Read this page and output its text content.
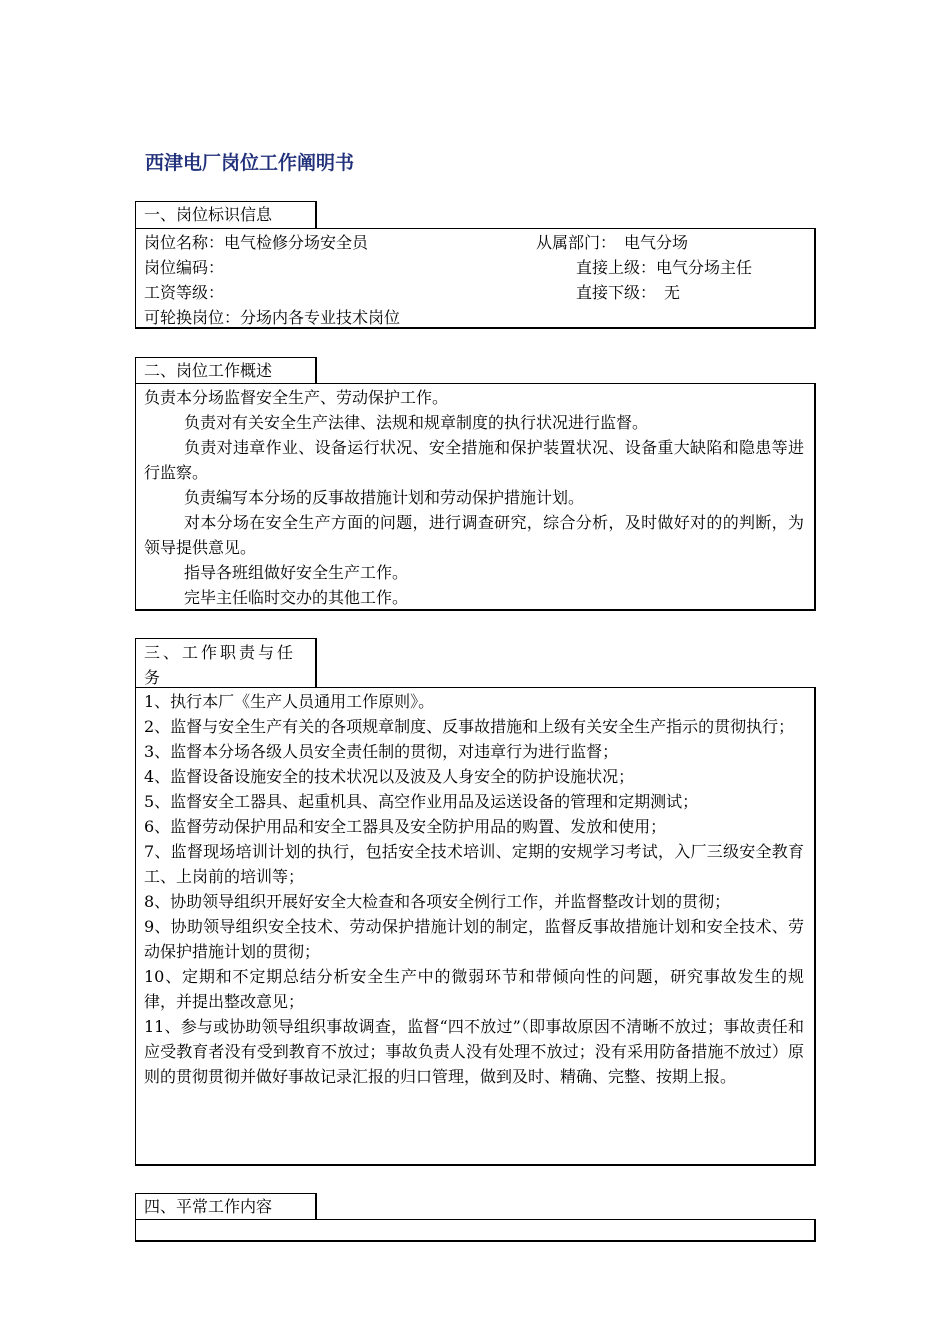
西津电厂岗位工作阐明书
一、岗位标识信息
岗位名称：电气检修分场安全员	从属部门：　电气分场
岗位编码：	直接上级：电气分场主任
工资等级：	直接下级：　无
可轮换岗位：分场内各专业技术岗位
二、岗位工作概述

负责本分场监督安全生产、劳动保护工作。

负责对有关安全生产法律、法规和规章制度的执行状况进行监督。

负责对违章作业、设备运行状况、安全措施和保护装置状况、设备重大缺陷和隐患等进行监察。

负责编写本分场的反事故措施计划和劳动保护措施计划。

对本分场在安全生产方面的问题，进行调查研究，综合分析，及时做好对的的判断，为领导提供意见。

指导各班组做好安全生产工作。

完毕主任临时交办的其他工作。

三、工作职责与任务

1、执行本厂《生产人员通用工作原则》。

2、监督与安全生产有关的各项规章制度、反事故措施和上级有关安全生产指示的贯彻执行；

3、监督本分场各级人员安全责任制的贯彻，对违章行为进行监督；

4、监督设备设施安全的技术状况以及波及人身安全的防护设施状况；

5、监督安全工器具、起重机具、高空作业用品及运送设备的管理和定期测试；

6、监督劳动保护用品和安全工器具及安全防护用品的购置、发放和使用；

7、监督现场培训计划的执行，包括安全技术培训、定期的安规学习考试，入厂三级安全教育工、上岗前的培训等；

8、协助领导组织开展好安全大检查和各项安全例行工作，并监督整改计划的贯彻；

9、协助领导组织安全技术、劳动保护措施计划的制定，监督反事故措施计划和安全技术、劳动保护措施计划的贯彻；

10、定期和不定期总结分析安全生产中的微弱环节和带倾向性的问题，研究事故发生的规律，并提出整改意见；

11、参与或协助领导组织事故调查，监督“四不放过”（即事故原因不清晰不放过；事故责任和应受教育者没有受到教育不放过；事故负责人没有处理不放过；没有采用防备措施不放过）原则的贯彻贯彻并做好事故记录汇报的归口管理，做到及时、精确、完整、按期上报。

四、平常工作内容
